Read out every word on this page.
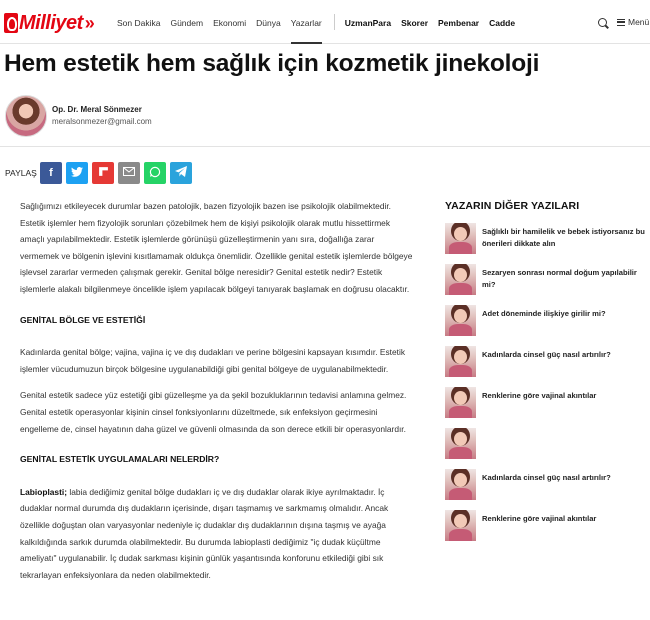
Milliyet »	Son Dakika Gündem Ekonomi Dünya Yazarlar	UzmanPara Skorer Pembenar Cadde	Menü
Hem estetik hem sağlık için kozmetik jinekoloji
Op. Dr. Meral Sönmezer
meralsonmezer@gmail.com
PAYLAŞ f

Sağlığımızı etkileyecek durumlar bazen patolojik, bazen fizyolojik bazen ise psikolojik olabilmektedir. Estetik işlemler hem fizyolojik sorunları çözebilmek hem de kişiyi psikolojik olarak mutlu hissettirmek amaçlı yapılabilmektedir. Estetik işlemlerde görünüşü güzelleştirmenin yanı sıra, doğallığa zarar vermemek ve bölgenin işlevini kısıtlamamak oldukça önemlidir. Özellikle genital estetik işlemlerde bölgeye işlevsel zararlar vermeden çalışmak gerekir. Genital bölge neresidir? Genital estetik nedir? Estetik işlemlerle alakalı bilgilenmeye öncelikle işlem yapılacak bölgeyi tanıyarak başlamak en doğrusu olacaktır.

GENİTAL BÖLGE VE ESTETİĞİ

Kadınlarda genital bölge; vajina, vajina iç ve dış dudakları ve perine bölgesini kapsayan kısımdır. Estetik işlemler vücudumuzun birçok bölgesine uygulanabildiği gibi genital bölgeye de uygulanabilmektedir.

Genital estetik sadece yüz estetiği gibi güzelleşme ya da şekil bozukluklarının tedavisi anlamına gelmez. Genital estetik operasyonlar kişinin cinsel fonksiyonlarını düzeltmede, sık enfeksiyon geçirmesini engelleme de, cinsel hayatının daha güzel ve güvenli olmasında da son derece etkili bir operasyonlardır.

GENİTAL ESTETİK UYGULAMALARI NELERDİR?

Labioplasti; labia dediğimiz genital bölge dudakları iç ve dış dudaklar olarak ikiye ayrılmaktadır. İç dudaklar normal durumda dış dudakların içerisinde, dışarı taşmamış ve sarkmamış olmalıdır. Ancak özellikle doğuştan olan varyasyonlar nedeniyle iç dudaklar dış dudaklarının dışına taşmış ve ayağa kalkıldığında sarkık durumda olabilmektedir. Bu durumda labioplasti dediğimiz "iç dudak küçültme ameliyatı" uygulanabilir. İç dudak sarkması kişinin günlük yaşantısında konforunu etkilediği gibi sık tekrarlayan enfeksiyonlara da neden olabilmektedir.

YAZARIN DİĞER YAZILARI
Sağlıklı bir hamilelik ve bebek istiyorsanız bu önerileri dikkate alın
Sezaryen sonrası normal doğum yapılabilir mi?
Adet döneminde ilişkiye girilir mi?
Kadınlarda cinsel güç nasıl artırılır?
Renklerine göre vajinal akıntılar
Kadınlarda cinsel güç nasıl artırılır?
Renklerine göre vajinal akıntılar
